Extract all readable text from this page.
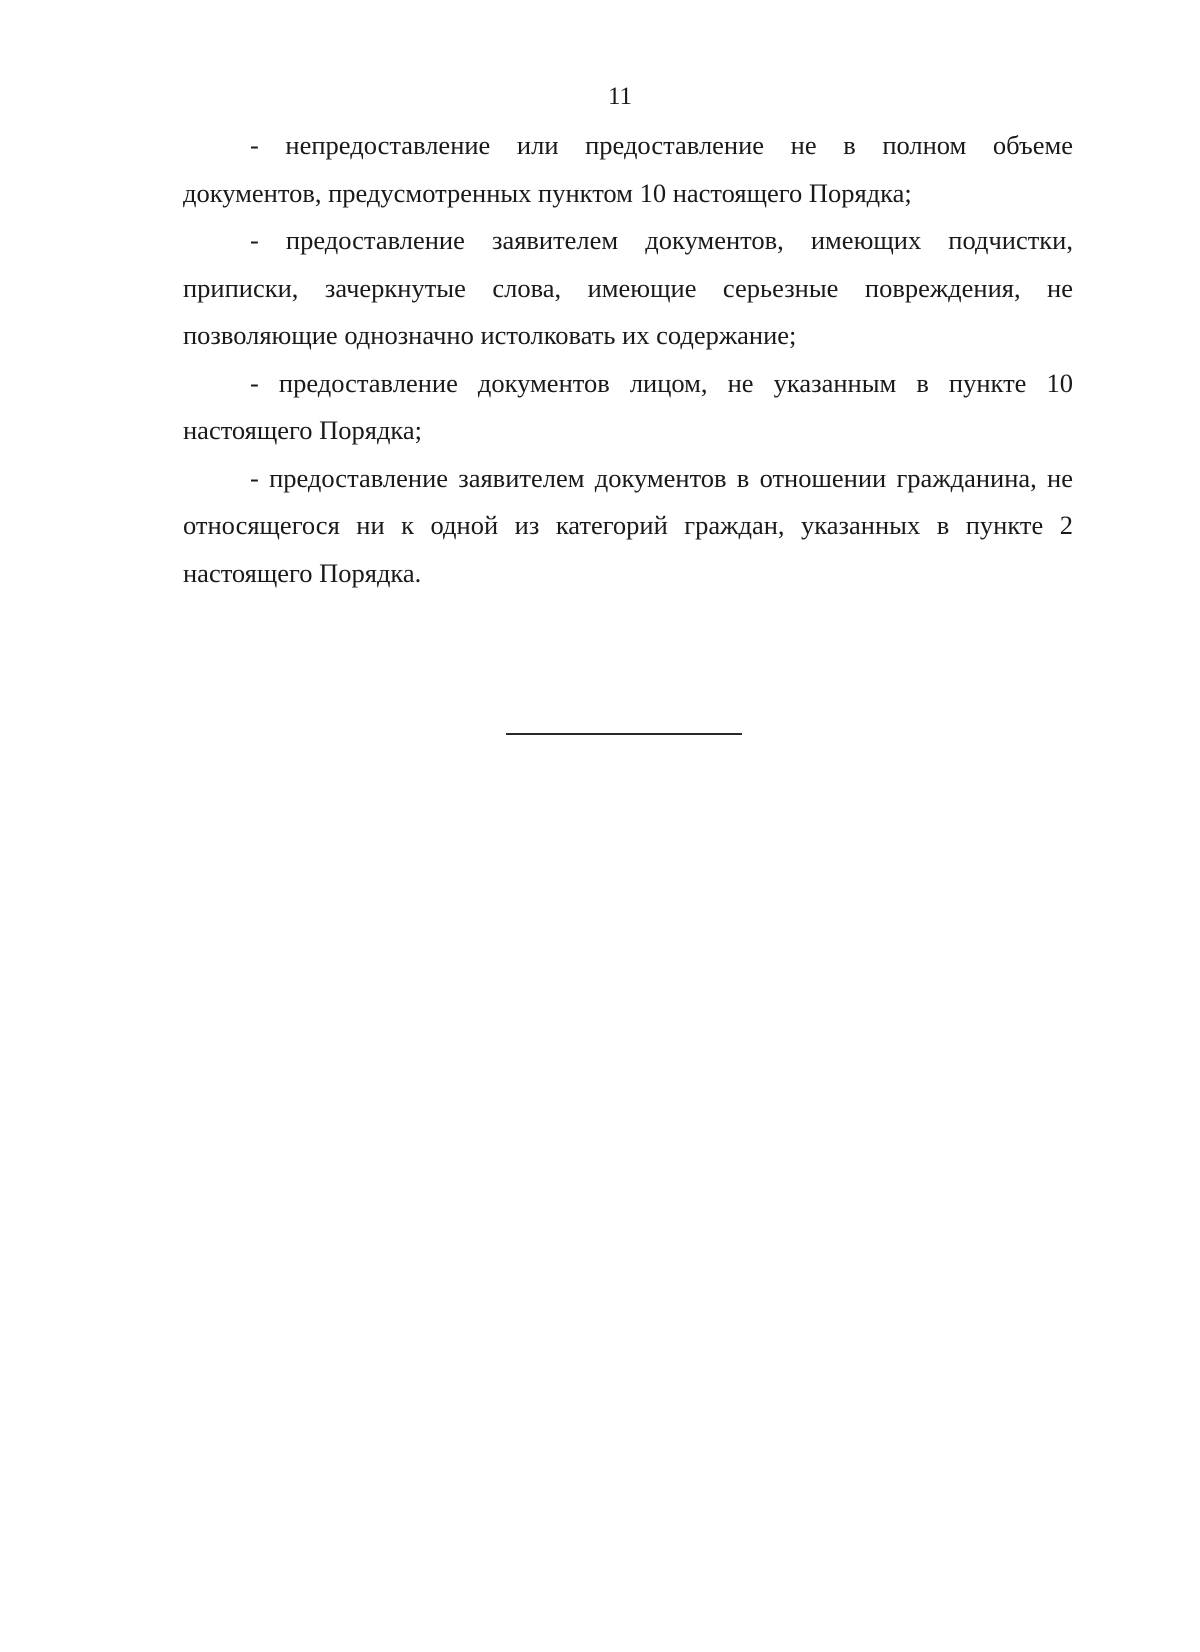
11

- непредоставление или предоставление не в полном объеме документов, предусмотренных пунктом 10 настоящего Порядка;

- предоставление заявителем документов, имеющих подчистки, приписки, зачеркнутые слова, имеющие серьезные повреждения, не позволяющие однозначно истолковать их содержание;

- предоставление документов лицом, не указанным в пункте 10 настоящего Порядка;

- предоставление заявителем документов в отношении гражданина, не относящегося ни к одной из категорий граждан, указанных в пункте 2 настоящего Порядка.
